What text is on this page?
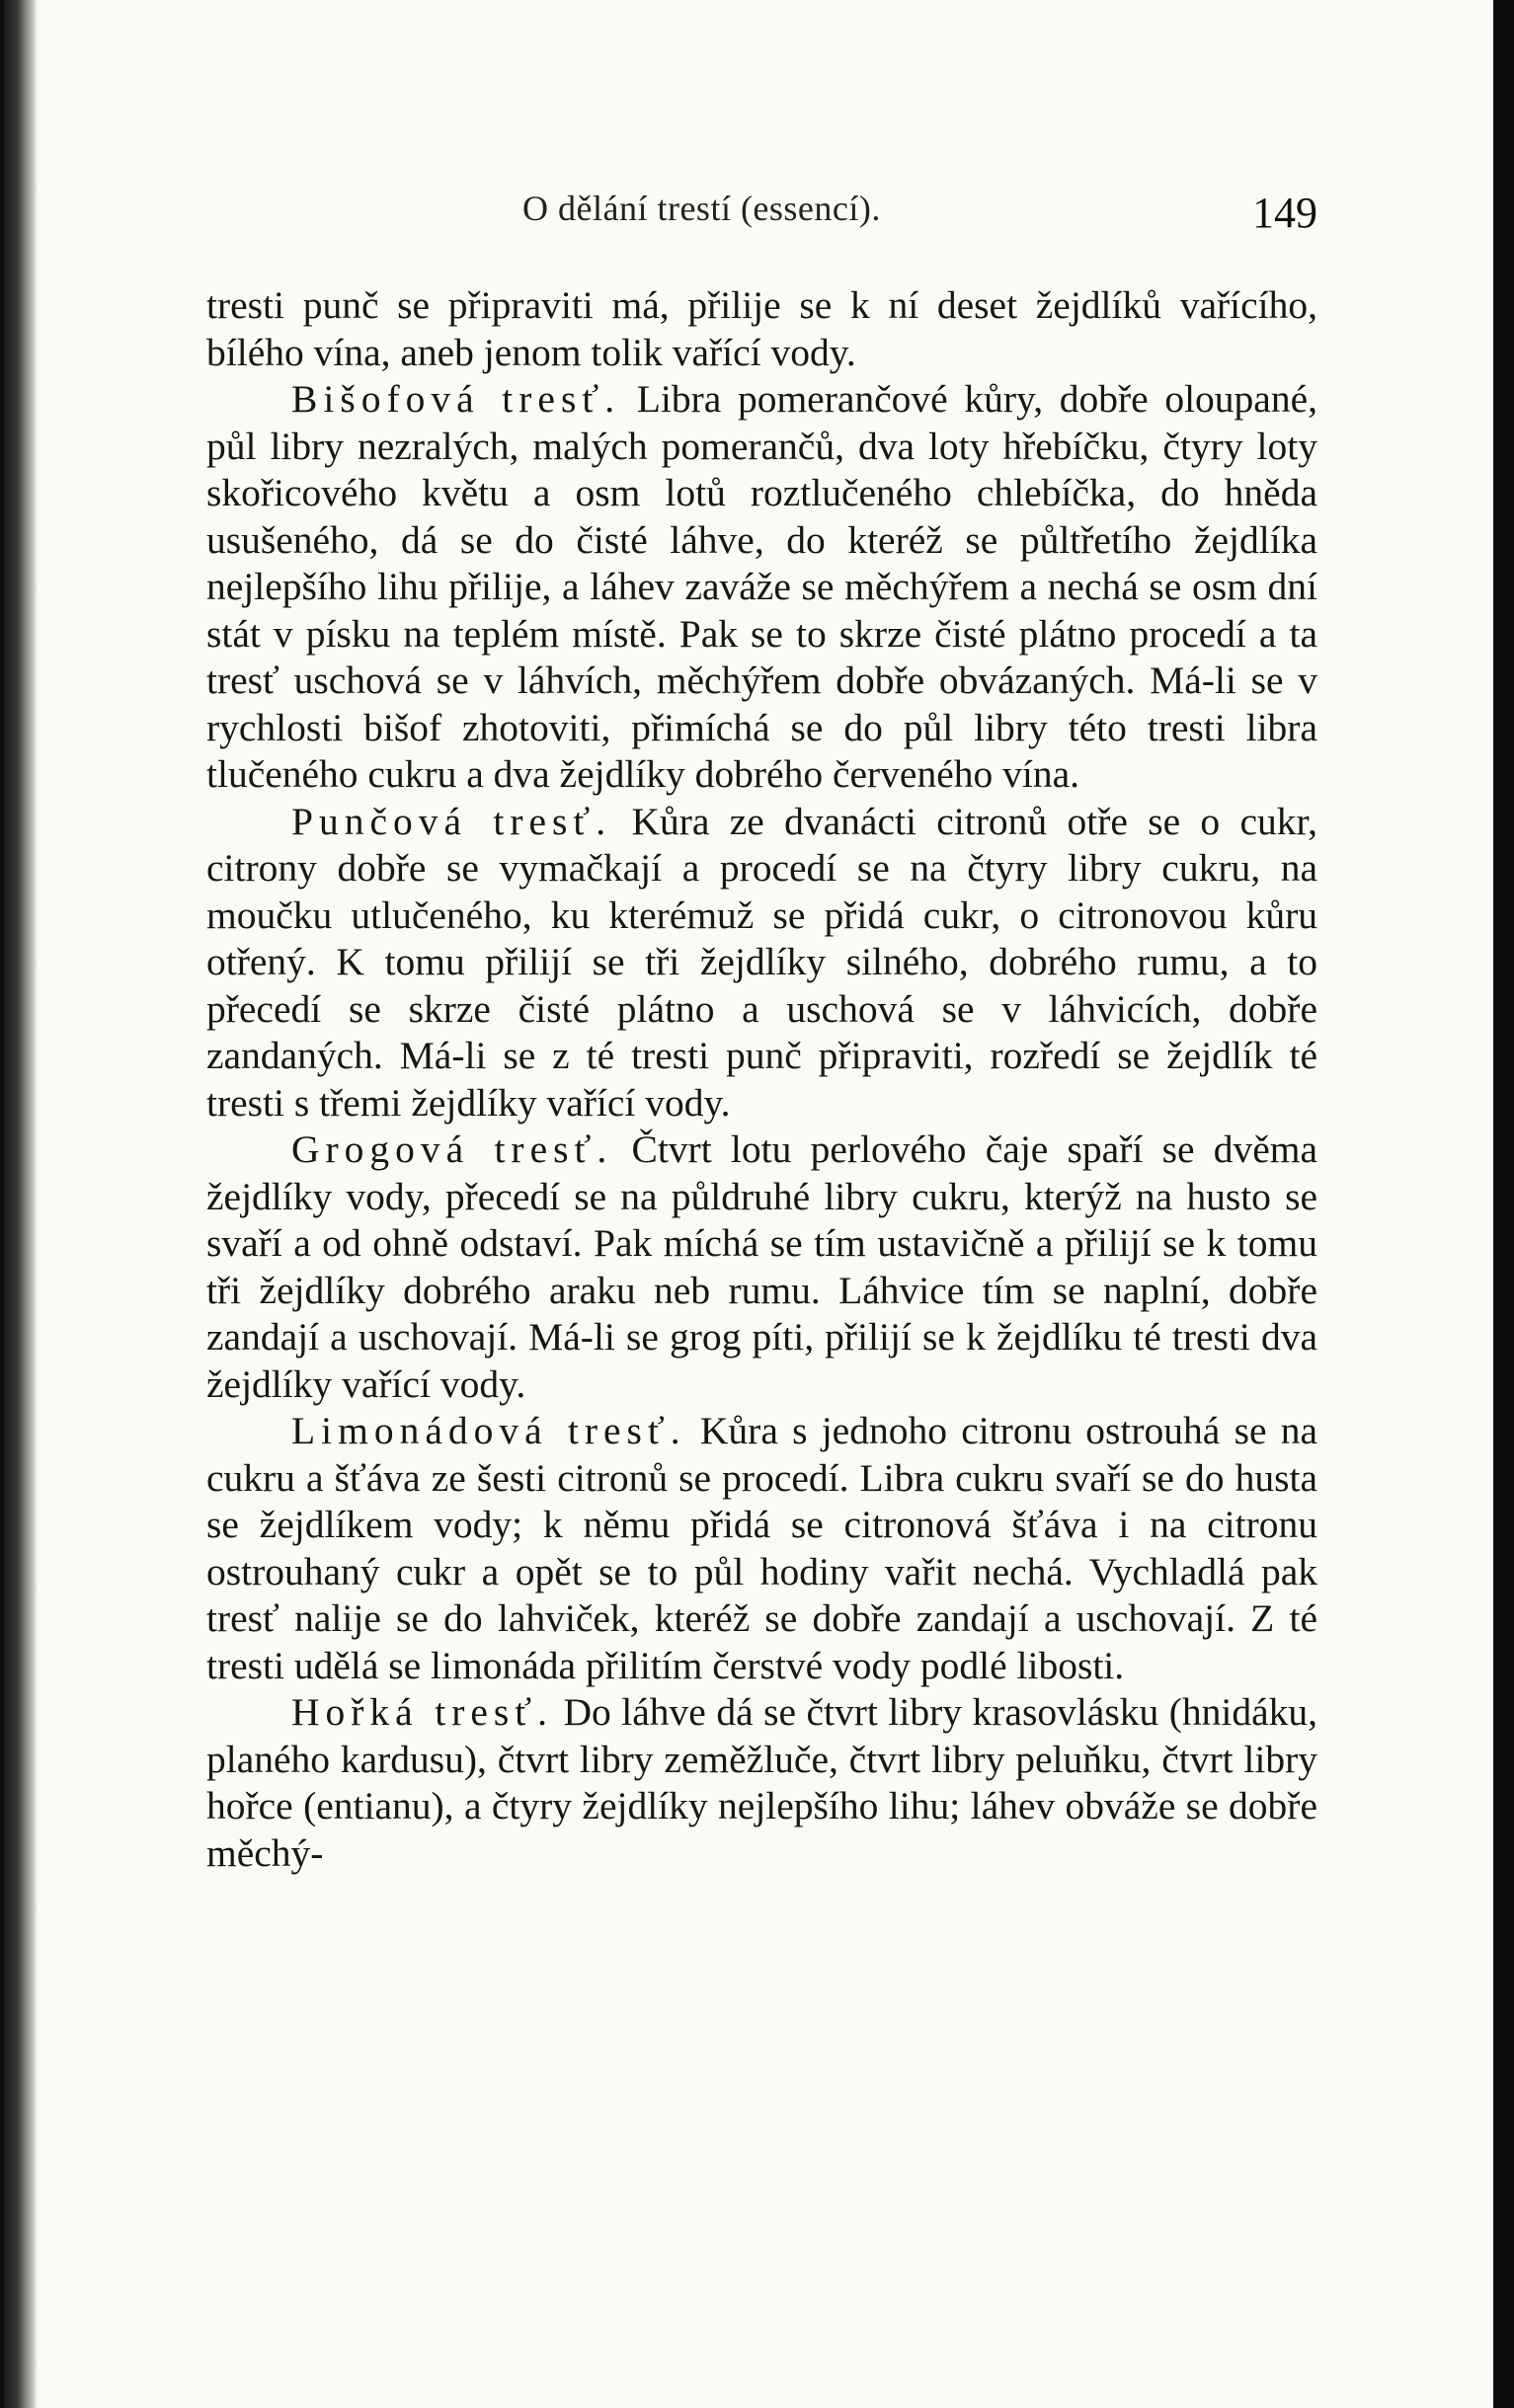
O dělání trestí (essencí).	149

tresti punč se připraviti má, přilije se k ní deset žejdlíků vařícího, bílého vína, aneb jenom tolik vařící vody.

Bišofová tresť. Libra pomerančové kůry, dobře oloupané, půl libry nezralých, malých pomerančů, dva loty hřebíčku, čtyry loty skořicového květu a osm lotů roztlučeného chlebíčka, do hněda usušeného, dá se do čisté láhve, do kteréž se půltřetího žejdlíka nejlepšího lihu přilije, a láhev zaváže se měchýřem a nechá se osm dní stát v písku na teplém místě. Pak se to skrze čisté plátno procedí a ta tresť uschová se v láhvích, měchýřem dobře obvázaných. Má-li se v rychlosti bišof zhotoviti, přimíchá se do půl libry této tresti libra tlučeného cukru a dva žejdlíky dobrého červeného vína.

Punčová tresť. Kůra ze dvanácti citronů otře se o cukr, citrony dobře se vymačkají a procedí se na čtyry libry cukru, na moučku utlučeného, ku kterémuž se přidá cukr, o citronovou kůru otřený. K tomu přilijí se tři žejdlíky silného, dobrého rumu, a to přecedí se skrze čisté plátno a uschová se v láhvicích, dobře zandaných. Má-li se z té tresti punč připraviti, rozředí se žejdlík té tresti s třemi žejdlíky vařící vody.

Grogová tresť. Čtvrt lotu perlového čaje spaří se dvěma žejdlíky vody, přecedí se na půldruhé libry cukru, kterýž na husto se svaří a od ohně odstaví. Pak míchá se tím ustavičně a přilijí se k tomu tři žejdlíky dobrého araku neb rumu. Láhvice tím se naplní, dobře zandají a uschovají. Má-li se grog píti, přilijí se k žejdlíku té tresti dva žejdlíky vařící vody.

Limonádová tresť. Kůra s jednoho citronu ostrouhá se na cukru a šťáva ze šesti citronů se procedí. Libra cukru svaří se do husta se žejdlíkem vody; k němu přidá se citronová šťáva i na citronu ostrouhaný cukr a opět se to půl hodiny vařit nechá. Vychladlá pak tresť nalije se do lahviček, kteréž se dobře zandají a uschovají. Z té tresti udělá se limonáda přilitím čerstvé vody podlé libosti.

Hořká tresť. Do láhve dá se čtvrt libry krasovlásku (hnidáku, planého kardusu), čtvrt libry zeměžluče, čtvrt libry peluňku, čtvrt libry hořce (entianu), a čtyry žejdlíky nejlepšího lihu; láhev obváže se dobře měchý-
